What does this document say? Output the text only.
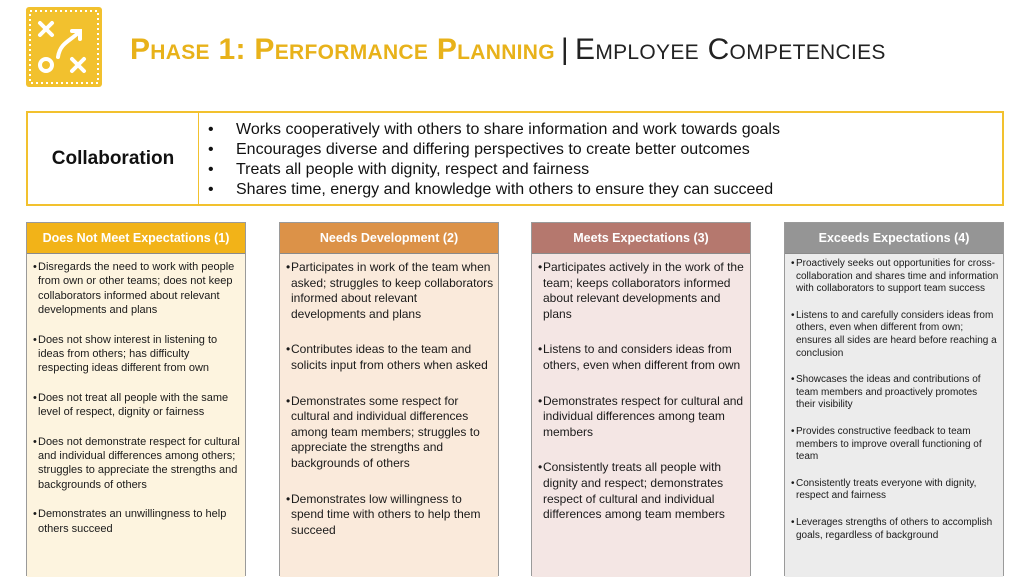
Phase 1: Performance Planning | Employee Competencies
Collaboration
•	Works cooperatively with others to share information and work towards goals
•	Encourages diverse and differing perspectives to create better outcomes
•	Treats all people with dignity, respect and fairness
•	Shares time, energy and knowledge with others to ensure they can succeed
Does Not Meet Expectations (1)
• Disregards the need to work with people from own or other teams; does not keep collaborators informed about relevant developments and plans
• Does not show interest in listening to ideas from others; has difficulty respecting ideas different from own
• Does not treat all people with the same level of respect, dignity or fairness
• Does not demonstrate respect for cultural and individual differences among others; struggles to appreciate the strengths and backgrounds of others
• Demonstrates an unwillingness to help others succeed
Needs Development (2)
• Participates in work of the team when asked; struggles to keep collaborators informed about relevant developments and plans
• Contributes ideas to the team and solicits input from others when asked
• Demonstrates some respect for cultural and individual differences among team members; struggles to appreciate the strengths and backgrounds of others
• Demonstrates low willingness to spend time with others to help them succeed
Meets Expectations (3)
• Participates actively in the work of the team; keeps collaborators informed about relevant developments and plans
• Listens to and considers ideas from others, even when different from own
• Demonstrates respect for cultural and individual differences among team members
• Consistently treats all people with dignity and respect; demonstrates respect of cultural and individual differences among team members
Exceeds Expectations (4)
• Proactively seeks out opportunities for cross-collaboration and shares time and information with collaborators to support team success
• Listens to and carefully considers ideas from others, even when different from own; ensures all sides are heard before reaching a conclusion
• Showcases the ideas and contributions of team members and proactively promotes their visibility
• Provides constructive feedback to team members to improve overall functioning of team
• Consistently treats everyone with dignity, respect and fairness
• Leverages strengths of others to accomplish goals, regardless of background
